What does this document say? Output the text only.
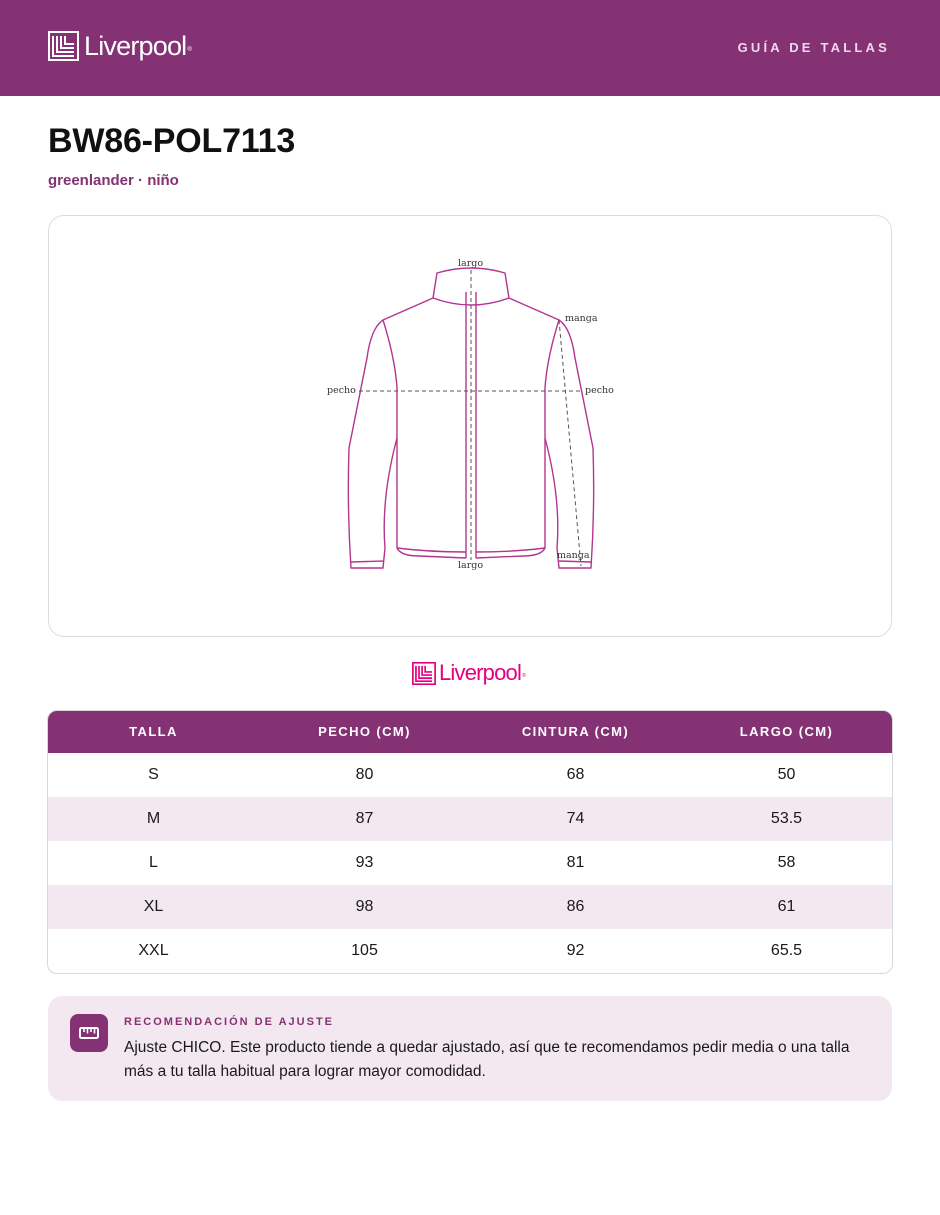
Liverpool ®	GUÍA DE TALLAS
BW86-POL7113
greenlander · niño
largo
largo
manga
manga
pecho	pecho
Liverpool ®
TALLA	PECHO (CM)	CINTURA (CM)	LARGO (CM)
S	80	68	50
M	87	74	53.5
L	93	81	58
XL	98	86	61
XXL	105	92	65.5
RECOMENDACIÓN DE AJUSTE
Ajuste CHICO. Este producto tiende a quedar ajustado, así que te recomendamos pedir media o una talla más a tu talla habitual para lograr mayor comodidad.
